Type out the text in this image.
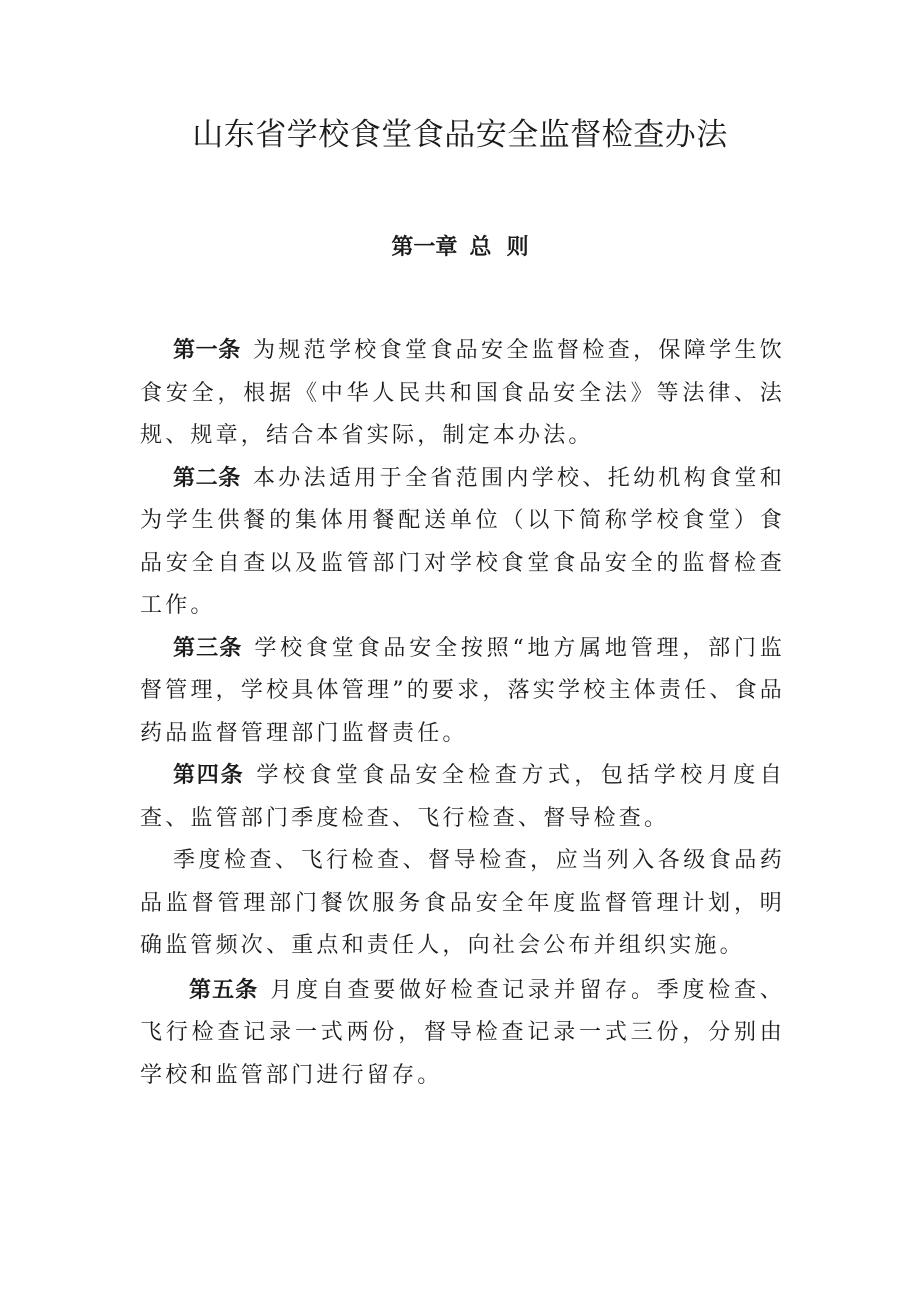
山东省学校食堂食品安全监督检查办法
第一章 总  则

第一条 为规范学校食堂食品安全监督检查，保障学生饮食安全，根据《中华人民共和国食品安全法》等法律、法规、规章，结合本省实际，制定本办法。

第二条 本办法适用于全省范围内学校、托幼机构食堂和为学生供餐的集体用餐配送单位（以下简称学校食堂）食品安全自查以及监管部门对学校食堂食品安全的监督检查工作。

第三条 学校食堂食品安全按照“地方属地管理，部门监督管理，学校具体管理”的要求，落实学校主体责任、食品药品监督管理部门监督责任。

第四条 学校食堂食品安全检查方式，包括学校月度自查、监管部门季度检查、飞行检查、督导检查。

季度检查、飞行检查、督导检查，应当列入各级食品药品监督管理部门餐饮服务食品安全年度监督管理计划，明确监管频次、重点和责任人，向社会公布并组织实施。

第五条 月度自查要做好检查记录并留存。季度检查、飞行检查记录一式两份，督导检查记录一式三份，分别由学校和监管部门进行留存。
